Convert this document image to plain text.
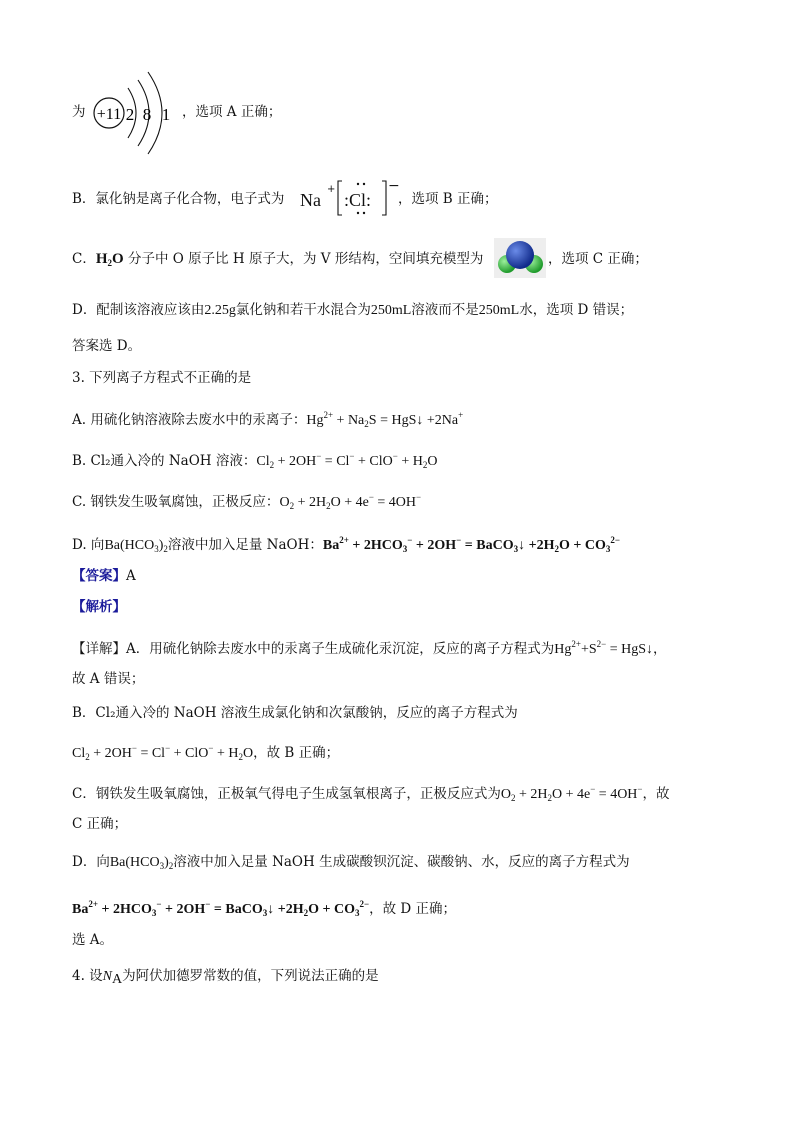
为 +11 2 8 1 ，选项 A 正确；
B．氯化钠是离子化合物，电子式为 Na
+
:Cl:
−
，选项 B 正确；
C．$H_2O$ 分子中 O 原子比 H 原子大，为 V 形结构，空间填充模型为	，选项 C 正确；
D．配制该溶液应该由2.25g氯化钠和若干水混合为250mL溶液而不是250mL水，选项 D 错误；
答案选 D。
3. 下列离子方程式不正确的是
A. 用硫化钠溶液除去废水中的汞离子：$Hg^{2+} + Na_2S$ = HgS↓ +2Na+
B. Cl₂通入冷的 NaOH 溶液：$Cl_2 + 2OH^- = Cl^- + ClO^- + H_2O$
C. 钢铁发生吸氧腐蚀，正极反应：$O_2 + 2H_2O + 4e^- = 4OH^-$
D. 向$Ba(HCO_3)_2$溶液中加入足量 NaOH：$Ba^{2+} + 2HCO_3^- + 2OH^-$ = BaCO$_3$↓ $+2H_2O + CO_3^{2-}$
【答案】A
【解析】
【详解】A．用硫化钠除去废水中的汞离子生成硫化汞沉淀，反应的离子方程式为$Hg^{2+}+S^{2-}$ = HgS↓，
故 A 错误；
B．Cl₂通入冷的 NaOH 溶液生成氯化钠和次氯酸钠，反应的离子方程式为
$Cl_2 + 2OH^- = Cl^- + ClO^- + H_2O$，故 B 正确；
C．钢铁发生吸氧腐蚀，正极氧气得电子生成氢氧根离子，正极反应式为$O_2 + 2H_2O + 4e^- = 4OH^-$，故
C 正确；
D．向$Ba(HCO_3)_2$溶液中加入足量 NaOH 生成碳酸钡沉淀、碳酸钠、水，反应的离子方程式为
$Ba^{2+} + 2HCO_3^- + 2OH^-$ = BaCO$_3$↓ $+2H_2O + CO_3^{2-}$，故 D 正确；
选 A。
4. 设NA为阿伏加德罗常数的值，下列说法正确的是
